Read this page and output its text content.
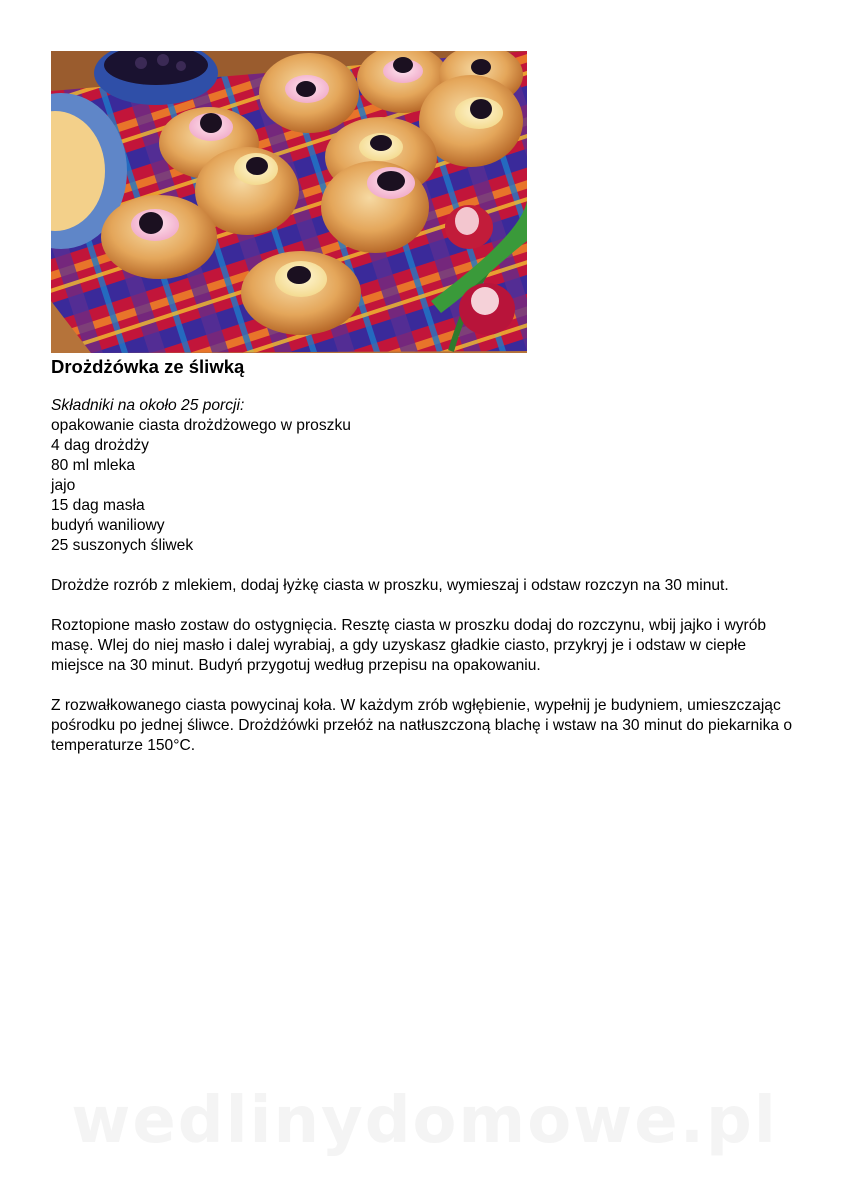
Drożdżówka ze śliwką

Składniki na około 25 porcji:

opakowanie ciasta drożdżowego w proszku
4 dag drożdży
80 ml mleka
jajo
15 dag masła
budyń waniliowy
25 suszonych śliwek

Drożdże rozrób z mlekiem, dodaj łyżkę ciasta w proszku, wymieszaj i odstaw rozczyn na 30 minut.

Roztopione masło zostaw do ostygnięcia. Resztę ciasta w proszku dodaj do rozczynu, wbij jajko i wyrób masę. Wlej do niej masło i dalej wyrabiaj, a gdy uzyskasz gładkie ciasto, przykryj je i odstaw w ciepłe miejsce na 30 minut. Budyń przygotuj według przepisu na opakowaniu.

Z rozwałkowanego ciasta powycinaj koła. W każdym zrób wgłębienie, wypełnij je budyniem, umieszczając pośrodku po jednej śliwce. Drożdżówki przełóż na natłuszczoną blachę i wstaw na 30 minut do piekarnika o temperaturze 150°C.

wedlinydomowe.pl
